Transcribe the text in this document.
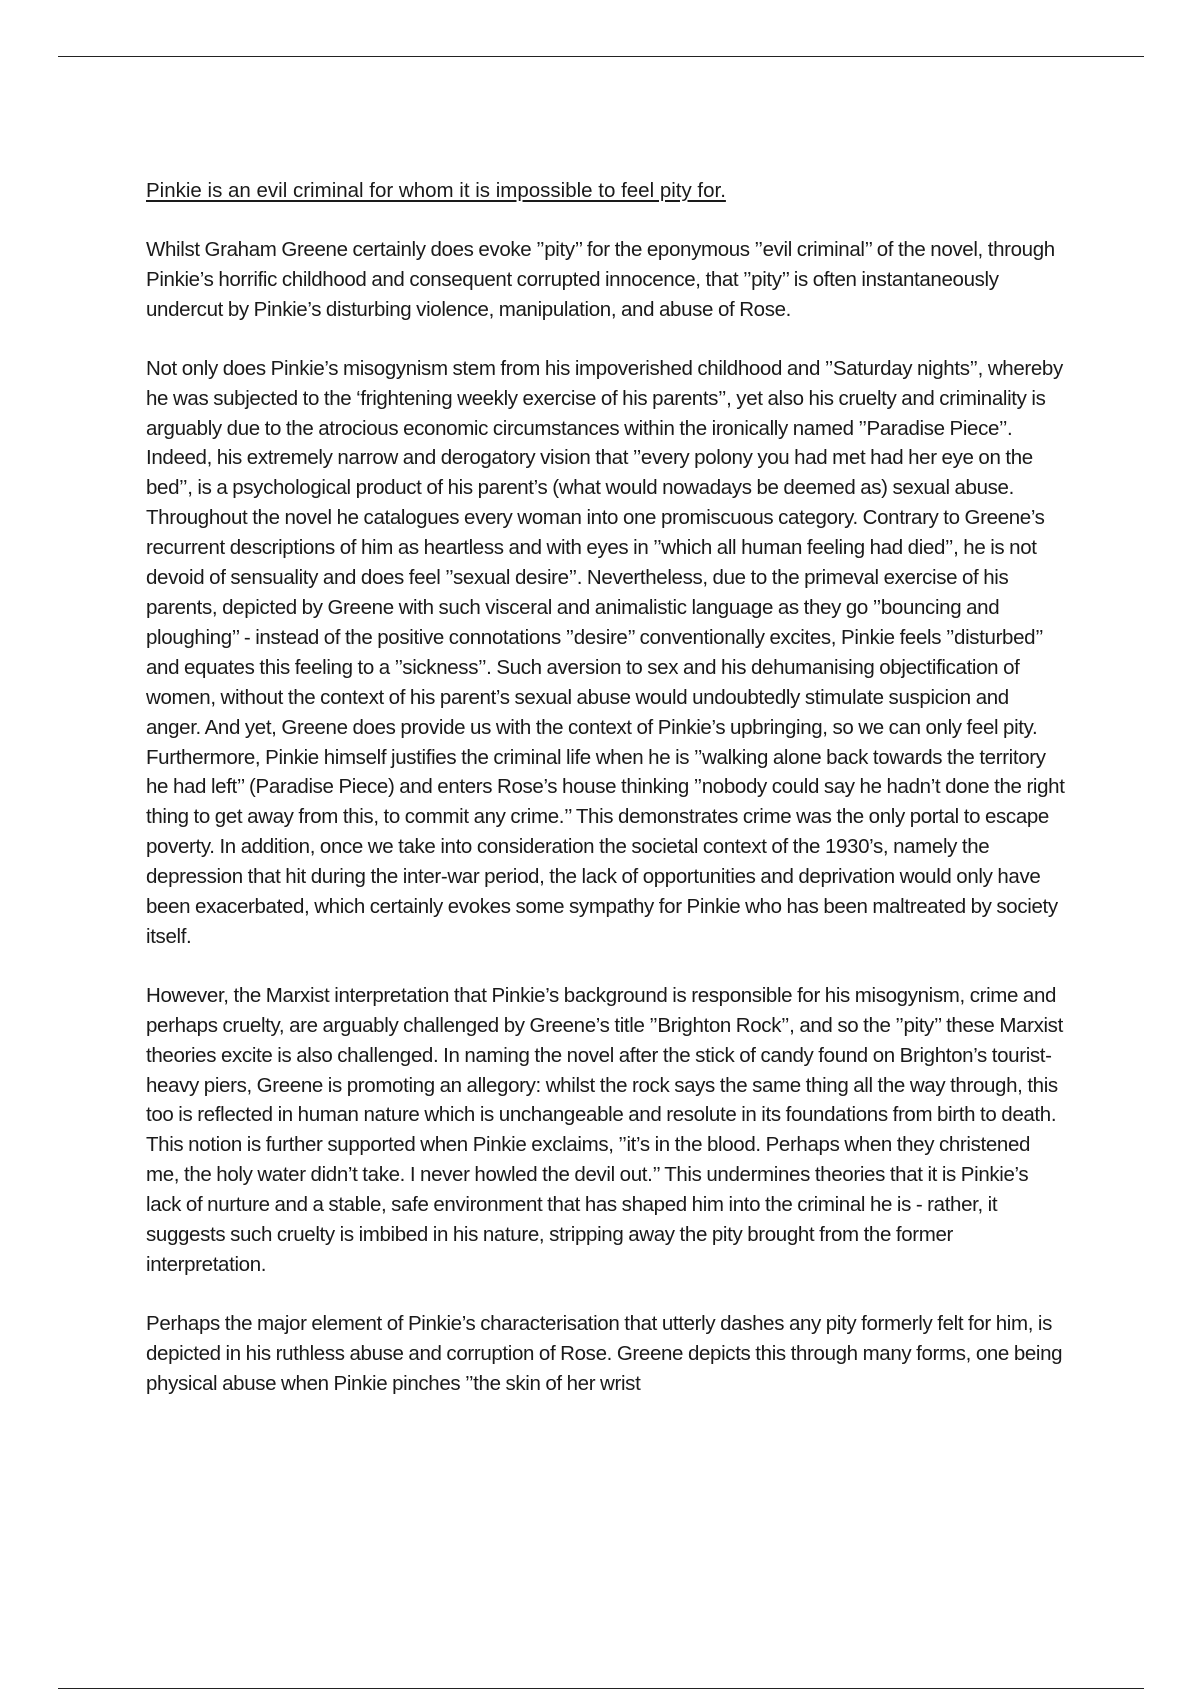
Pinkie is an evil criminal for whom it is impossible to feel pity for.

Whilst Graham Greene certainly does evoke ’’pity’’ for the eponymous ’’evil criminal’’ of the novel, through Pinkie’s horrific childhood and consequent corrupted innocence, that ’’pity’’ is often instantaneously undercut by Pinkie’s disturbing violence, manipulation, and abuse of Rose.

Not only does Pinkie’s misogynism stem from his impoverished childhood and ’’Saturday nights’’, whereby he was subjected to the ‘frightening weekly exercise of his parents’’, yet also his cruelty and criminality is arguably due to the atrocious economic circumstances within the ironically named ’’Paradise Piece’’. Indeed, his extremely narrow and derogatory vision that ’’every polony you had met had her eye on the bed’’, is a psychological product of his parent’s (what would nowadays be deemed as) sexual abuse. Throughout the novel he catalogues every woman into one promiscuous category. Contrary to Greene’s recurrent descriptions of him as heartless and with eyes in ’’which all human feeling had died’’, he is not devoid of sensuality and does feel ’’sexual desire’’. Nevertheless, due to the primeval exercise of his parents, depicted by Greene with such visceral and animalistic language as they go ’’bouncing and ploughing’’ - instead of the positive connotations ’’desire’’ conventionally excites, Pinkie feels ’’disturbed’’ and equates this feeling to a ’’sickness’’. Such aversion to sex and his dehumanising objectification of women, without the context of his parent’s sexual abuse would undoubtedly stimulate suspicion and anger. And yet, Greene does provide us with the context of Pinkie’s upbringing, so we can only feel pity. Furthermore, Pinkie himself justifies the criminal life when he is ’’walking alone back towards the territory he had left’’ (Paradise Piece) and enters Rose’s house thinking ’’nobody could say he hadn’t done the right thing to get away from this, to commit any crime.’’ This demonstrates crime was the only portal to escape poverty. In addition, once we take into consideration the societal context of the 1930’s, namely the depression that hit during the inter-war period, the lack of opportunities and deprivation would only have been exacerbated, which certainly evokes some sympathy for Pinkie who has been maltreated by society itself.

However, the Marxist interpretation that Pinkie’s background is responsible for his misogynism, crime and perhaps cruelty, are arguably challenged by Greene’s title ’’Brighton Rock’’, and so the ’’pity’’ these Marxist theories excite is also challenged. In naming the novel after the stick of candy found on Brighton’s tourist-heavy piers, Greene is promoting an allegory: whilst the rock says the same thing all the way through, this too is reflected in human nature which is unchangeable and resolute in its foundations from birth to death. This notion is further supported when Pinkie exclaims, ’’it’s in the blood. Perhaps when they christened me, the holy water didn’t take. I never howled the devil out.’’ This undermines theories that it is Pinkie’s lack of nurture and a stable, safe environment that has shaped him into the criminal he is - rather, it suggests such cruelty is imbibed in his nature, stripping away the pity brought from the former interpretation.

Perhaps the major element of Pinkie’s characterisation that utterly dashes any pity formerly felt for him, is depicted in his ruthless abuse and corruption of Rose. Greene depicts this through many forms, one being physical abuse when Pinkie pinches ’’the skin of her wrist
